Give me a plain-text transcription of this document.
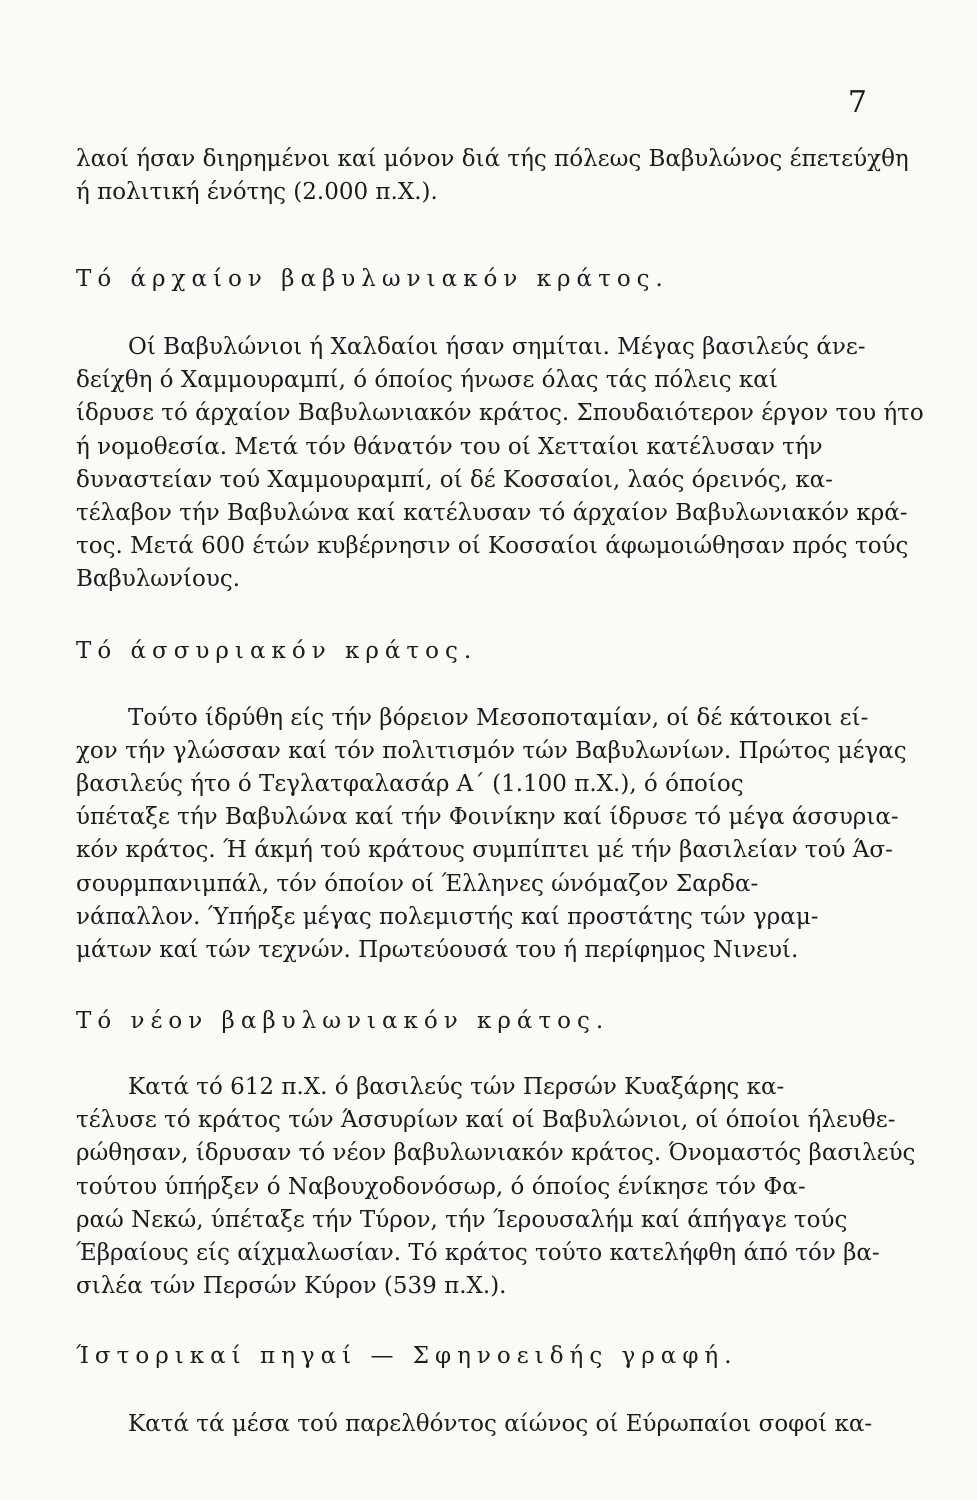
7
λαοί ήσαν διηρημένοι καί μόνον διά τής πόλεως Βαβυλώνος έπετεύχθη
ή πολιτική ένότης (2.000 π.Χ.).
Τό άρχαίον βαβυλωνιακόν κράτος.
Οί Βαβυλώνιοι ή Χαλδαίοι ήσαν σημίται. Μέγας βασιλεύς άνε-
δείχθη ό Χαμμουραμπί, ό όποίος ήνωσε όλας τάς πόλεις καί
ίδρυσε τό άρχαίον Βαβυλωνιακόν κράτος. Σπουδαιότερον έργον του ήτο
ή νομοθεσία. Μετά τόν θάνατόν του οί Χετταίοι κατέλυσαν τήν
δυναστείαν τού Χαμμουραμπί, οί δέ Κοσσαίοι, λαός όρεινός, κα-
τέλαβον τήν Βαβυλώνα καί κατέλυσαν τό άρχαίον Βαβυλωνιακόν κρά-
τος. Μετά 600 έτών κυβέρνησιν οί Κοσσαίοι άφωμοιώθησαν πρός τούς
Βαβυλωνίους.
Τό άσσυριακόν κράτος.
Τούτο ίδρύθη είς τήν βόρειον Μεσοποταμίαν, οί δέ κάτοικοι εί-
χον τήν γλώσσαν καί τόν πολιτισμόν τών Βαβυλωνίων. Πρώτος μέγας
βασιλεύς ήτο ό Τεγλατφαλασάρ Α΄ (1.100 π.Χ.), ό όποίος
ύπέταξε τήν Βαβυλώνα καί τήν Φοινίκην καί ίδρυσε τό μέγα άσσυρια-
κόν κράτος. Ή άκμή τού κράτους συμπίπτει μέ τήν βασιλείαν τού Άσ-
σουρμπανιμπάλ, τόν όποίον οί Έλληνες ώνόμαζον Σαρδα-
νάπαλλον. Ύπήρξε μέγας πολεμιστής καί προστάτης τών γραμ-
μάτων καί τών τεχνών. Πρωτεύουσά του ή περίφημος Νινευί.
Τό νέον βαβυλωνιακόν κράτος.
Κατά τό 612 π.Χ. ό βασιλεύς τών Περσών Κυαξάρης κα-
τέλυσε τό κράτος τών Άσσυρίων καί οί Βαβυλώνιοι, οί όποίοι ήλευθε-
ρώθησαν, ίδρυσαν τό νέον βαβυλωνιακόν κράτος. Όνομαστός βασιλεύς
τούτου ύπήρξεν ό Ναβουχοδονόσωρ, ό όποίος ένίκησε τόν Φα-
ραώ Νεκώ, ύπέταξε τήν Τύρον, τήν Ίερουσαλήμ καί άπήγαγε τούς
Έβραίους είς αίχμαλωσίαν. Τό κράτος τούτο κατελήφθη άπό τόν βα-
σιλέα τών Περσών Κύρον (539 π.Χ.).
Ίστορικαί πηγαί — Σφηνοειδής γραφή.
Κατά τά μέσα τού παρελθόντος αίώνος οί Εύρωπαίοι σοφοί κα-
